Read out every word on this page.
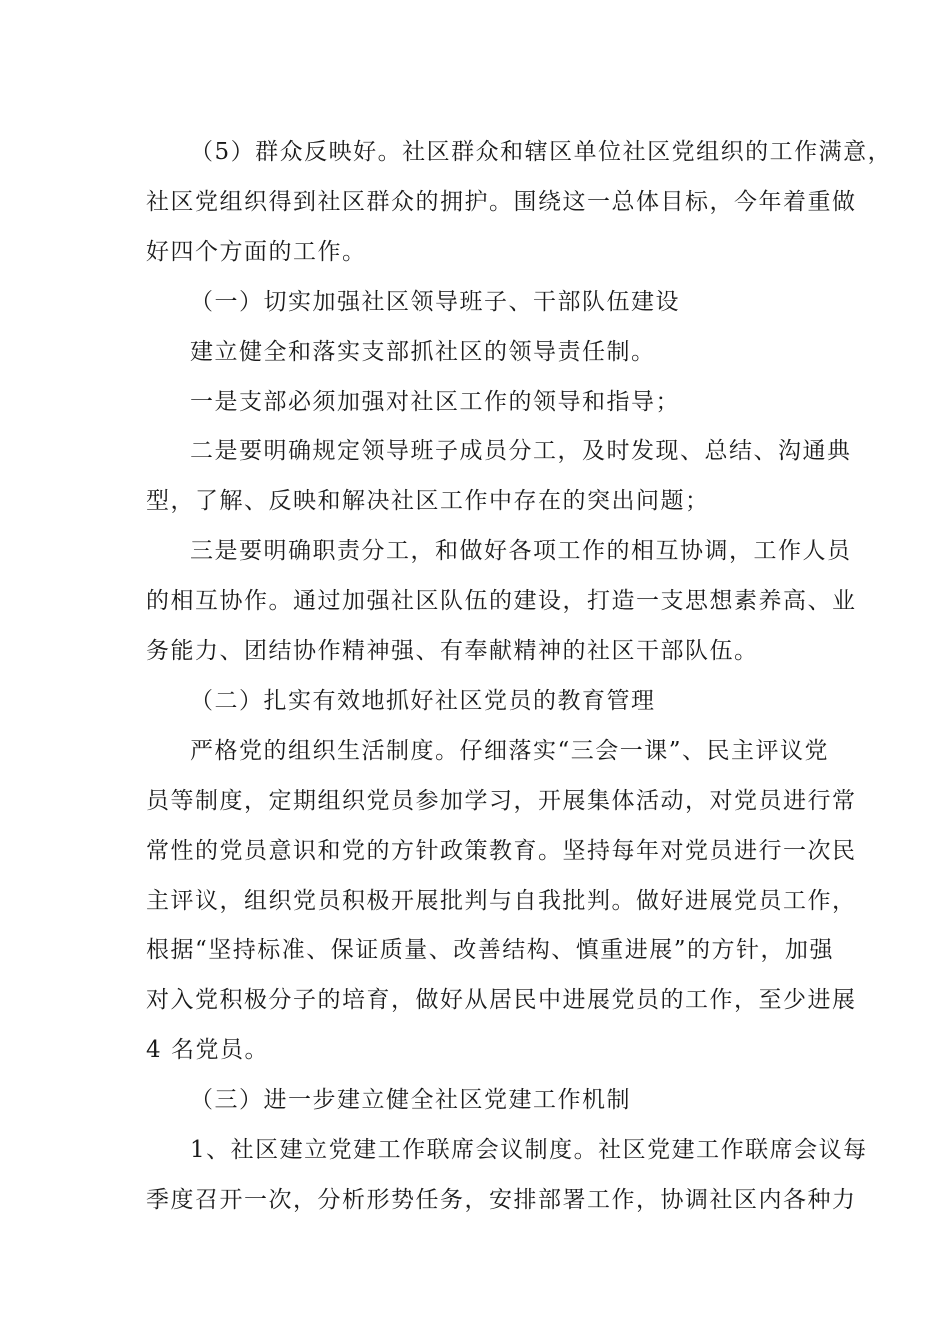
（5）群众反映好。社区群众和辖区单位社区党组织的工作满意，
社区党组织得到社区群众的拥护。围绕这一总体目标，今年着重做
好四个方面的工作。
（一）切实加强社区领导班子、干部队伍建设
建立健全和落实支部抓社区的领导责任制。
一是支部必须加强对社区工作的领导和指导；
二是要明确规定领导班子成员分工，及时发现、总结、沟通典
型，了解、反映和解决社区工作中存在的突出问题；
三是要明确职责分工，和做好各项工作的相互协调，工作人员
的相互协作。通过加强社区队伍的建设，打造一支思想素养高、业
务能力、团结协作精神强、有奉献精神的社区干部队伍。
（二）扎实有效地抓好社区党员的教育管理
严格党的组织生活制度。仔细落实“三会一课”、民主评议党
员等制度，定期组织党员参加学习，开展集体活动，对党员进行常
常性的党员意识和党的方针政策教育。坚持每年对党员进行一次民
主评议，组织党员积极开展批判与自我批判。做好进展党员工作，
根据“坚持标准、保证质量、改善结构、慎重进展”的方针，加强
对入党积极分子的培育，做好从居民中进展党员的工作，至少进展
4 名党员。
（三）进一步建立健全社区党建工作机制
1、社区建立党建工作联席会议制度。社区党建工作联席会议每
季度召开一次，分析形势任务，安排部署工作，协调社区内各种力
